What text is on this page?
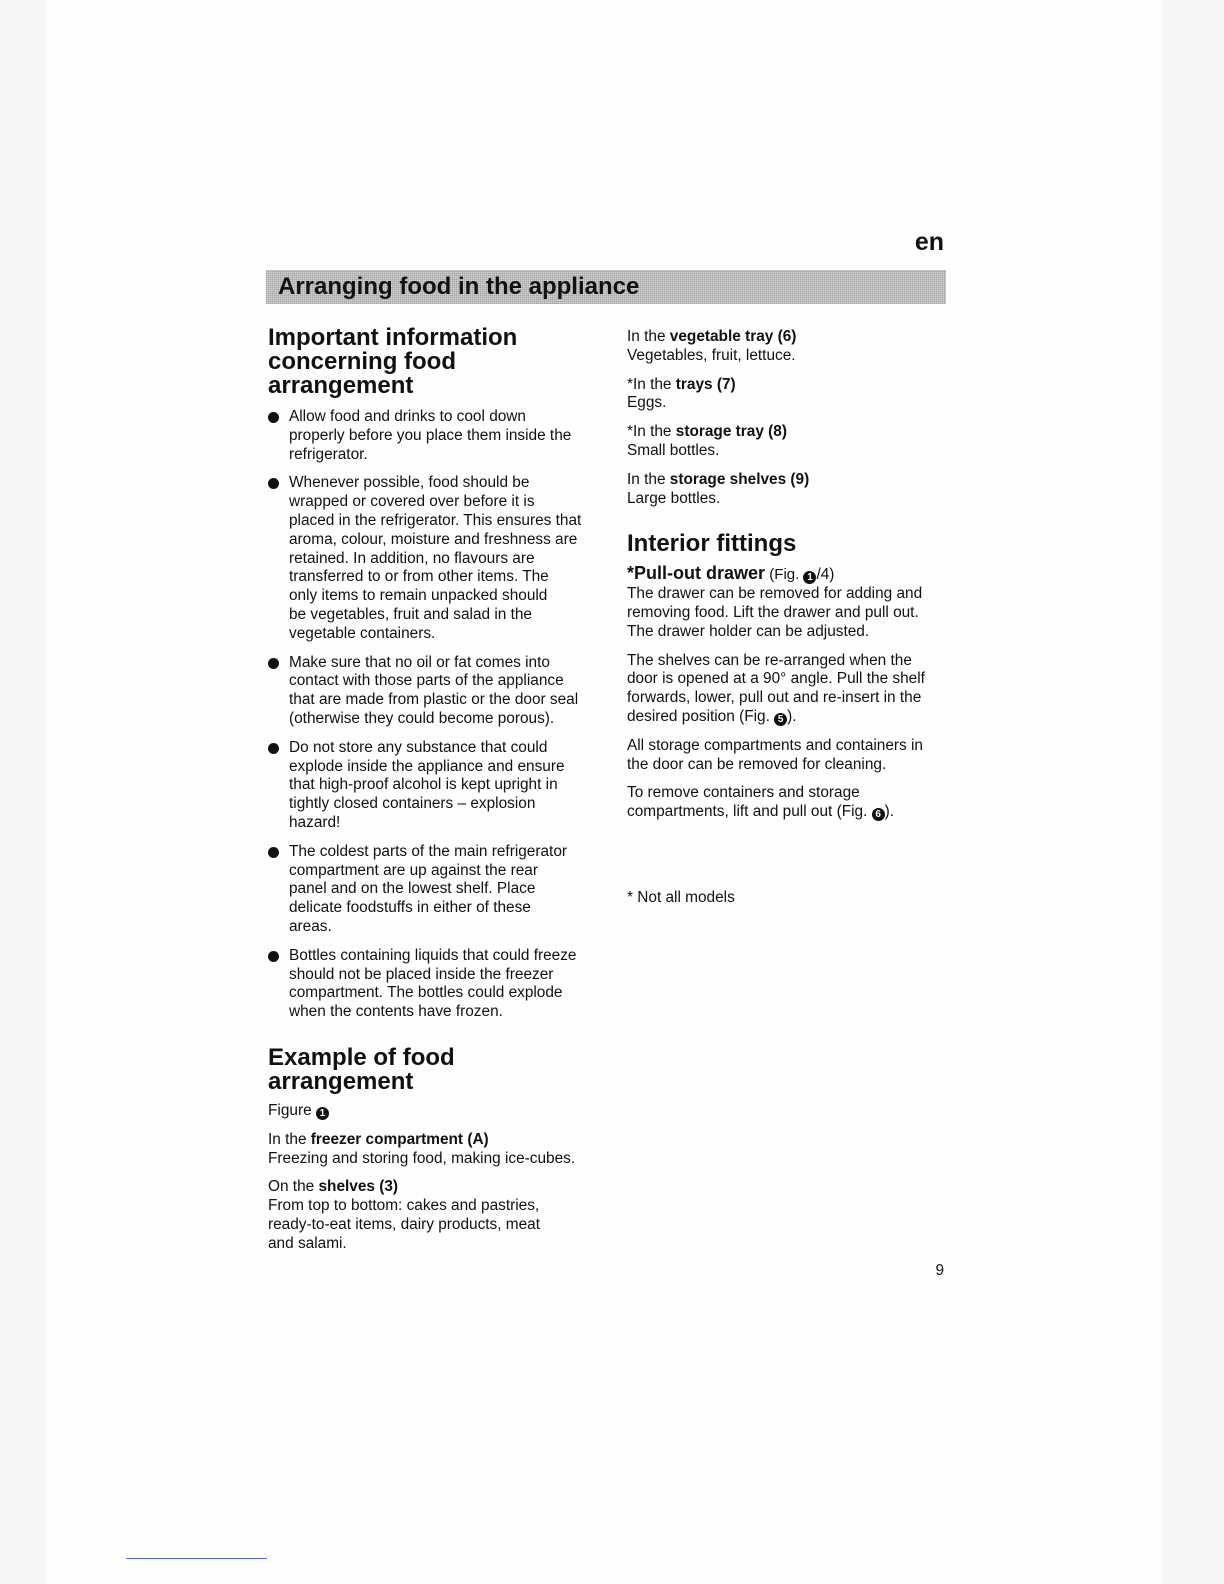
en
Arranging food in the appliance
Important information
concerning food
arrangement
Allow food and drinks to cool down
properly before you place them inside the
refrigerator.
Whenever possible, food should be
wrapped or covered over before it is
placed in the refrigerator. This ensures that
aroma, colour, moisture and freshness are
retained. In addition, no flavours are
transferred to or from other items. The
only items to remain unpacked should
be vegetables, fruit and salad in the
vegetable containers.
Make sure that no oil or fat comes into
contact with those parts of the appliance
that are made from plastic or the door seal
(otherwise they could become porous).
Do not store any substance that could
explode inside the appliance and ensure
that high-proof alcohol is kept upright in
tightly closed containers – explosion
hazard!
The coldest parts of the main refrigerator
compartment are up against the rear
panel and on the lowest shelf. Place
delicate foodstuffs in either of these
areas.
Bottles containing liquids that could freeze
should not be placed inside the freezer
compartment. The bottles could explode
when the contents have frozen.
Example of food
arrangement

Figure 1

In the freezer compartment (A)
Freezing and storing food, making ice-cubes.

On the shelves (3)
From top to bottom: cakes and pastries,
ready-to-eat items, dairy products, meat
and salami.

In the vegetable tray (6)
Vegetables, fruit, lettuce.

*In the trays (7)
Eggs.

*In the storage tray (8)
Small bottles.

In the storage shelves (9)
Large bottles.

Interior fittings

*Pull-out drawer (Fig. 1 /4)
The drawer can be removed for adding and
removing food. Lift the drawer and pull out.
The drawer holder can be adjusted.

The shelves can be re-arranged when the
door is opened at a 90° angle. Pull the shelf
forwards, lower, pull out and re-insert in the
desired position (Fig. 5 ).

All storage compartments and containers in
the door can be removed for cleaning.

To remove containers and storage
compartments, lift and pull out (Fig. 6 ).

* Not all models

9
